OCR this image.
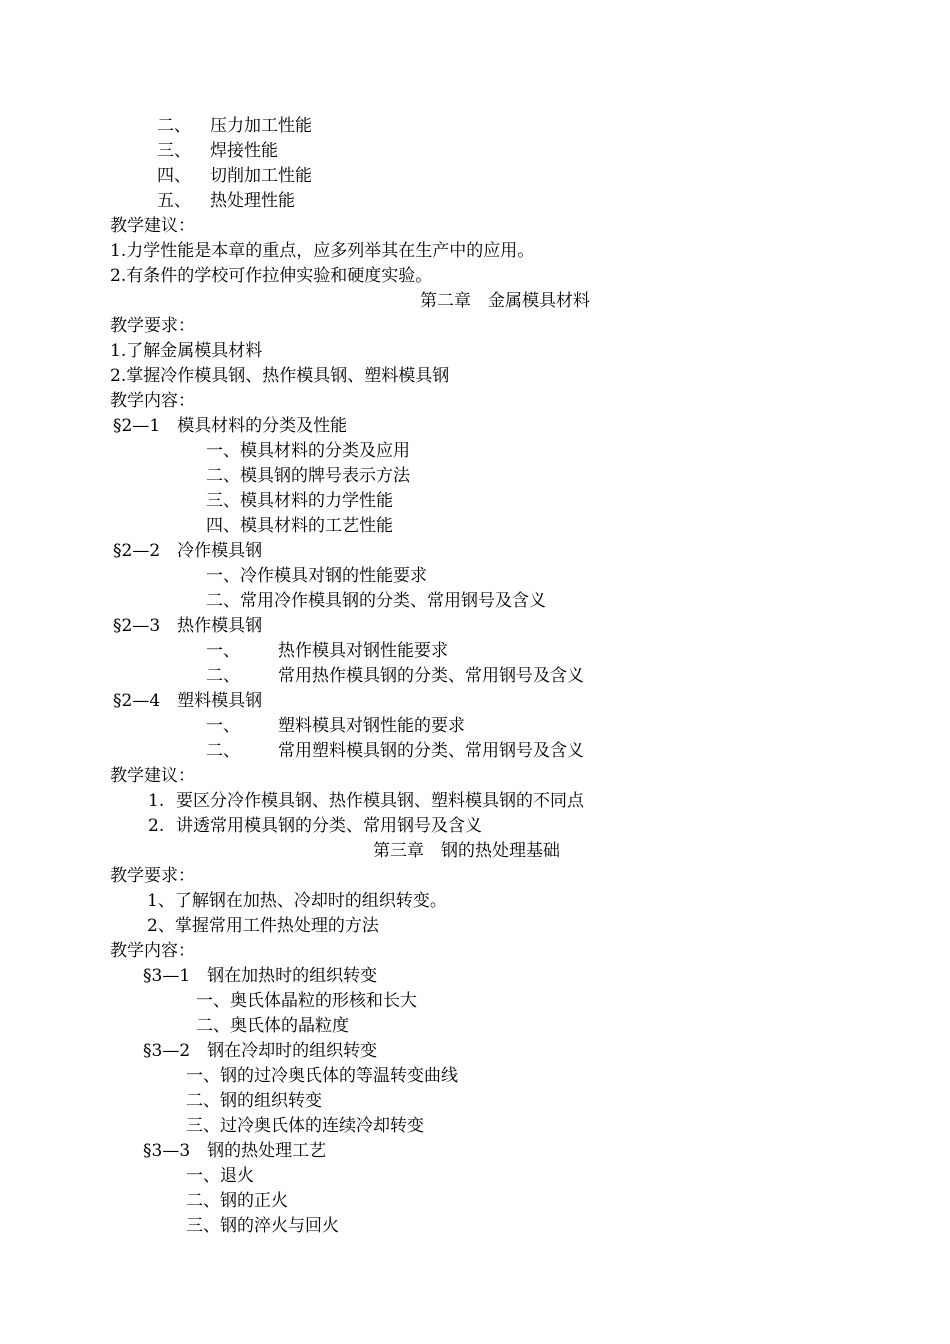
二、 压力加工性能
三、 焊接性能
四、 切削加工性能
五、 热处理性能
教学建议：
1.力学性能是本章的重点，应多列举其在生产中的应用。
2.有条件的学校可作拉伸实验和硬度实验。
第二章　金属模具材料
教学要求：
1.了解金属模具材料
2.掌握冷作模具钢、热作模具钢、塑料模具钢
教学内容：
§2—1　模具材料的分类及性能
一、模具材料的分类及应用
二、模具钢的牌号表示方法
三、模具材料的力学性能
四、模具材料的工艺性能
§2—2　冷作模具钢
一、冷作模具对钢的性能要求
二、常用冷作模具钢的分类、常用钢号及含义
§2—3　热作模具钢
一、 热作模具对钢性能要求
二、 常用热作模具钢的分类、常用钢号及含义
§2—4　塑料模具钢
一、 塑料模具对钢性能的要求
二、 常用塑料模具钢的分类、常用钢号及含义
教学建议：
1. 要区分冷作模具钢、热作模具钢、塑料模具钢的不同点
2. 讲透常用模具钢的分类、常用钢号及含义
第三章　钢的热处理基础
教学要求：
1、了解钢在加热、冷却时的组织转变。
2、掌握常用工件热处理的方法
教学内容：
§3—1　钢在加热时的组织转变
一、奥氏体晶粒的形核和长大
二、奥氏体的晶粒度
§3—2　钢在冷却时的组织转变
一、钢的过冷奥氏体的等温转变曲线
二、钢的组织转变
三、过冷奥氏体的连续冷却转变
§3—3　钢的热处理工艺
一、退火
二、钢的正火
三、钢的淬火与回火
